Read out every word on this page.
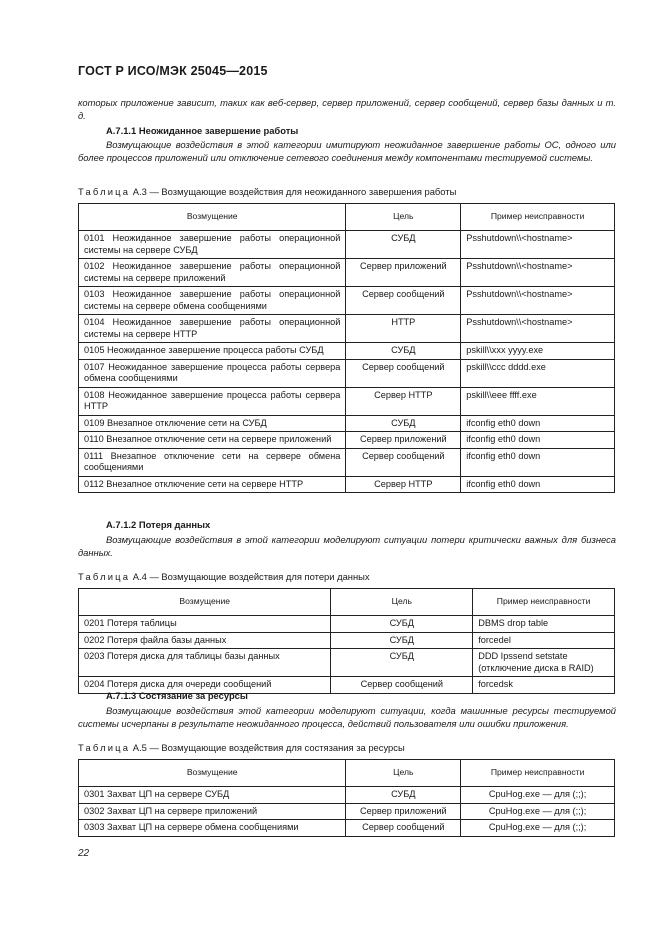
ГОСТ Р ИСО/МЭК 25045—2015
которых приложение зависит, таких как веб-сервер, сервер приложений, сервер сообщений, сервер базы данных и т. д.
А.7.1.1 Неожиданное завершение работы
Возмущающие воздействия в этой категории имитируют неожиданное завершение работы ОС, одного или более процессов приложений или отключение сетевого соединения между компонентами тестируемой системы.
Таблица А.3 — Возмущающие воздействия для неожиданного завершения работы
Возмущение	Цель	Пример неисправности
0101 Неожиданное завершение работы операционной системы на сервере СУБД	СУБД	Psshutdown\\<hostname>
0102 Неожиданное завершение работы операционной системы на сервере приложений	Сервер приложений	Psshutdown\\<hostname>
0103 Неожиданное завершение работы операционной системы на сервере обмена сообщениями	Сервер сообщений	Psshutdown\\<hostname>
0104 Неожиданное завершение работы операционной системы на сервере HTTP	HTTP	Psshutdown\\<hostname>
0105 Неожиданное завершение процесса работы СУБД	СУБД	pskill\\xxx yyyy.exe
0107 Неожиданное завершение процесса работы сервера обмена сообщениями	Сервер сообщений	pskill\\ccc dddd.exe
0108 Неожиданное завершение процесса работы сервера HTTP	Сервер HTTP	pskill\\eee ffff.exe
0109 Внезапное отключение сети на СУБД	СУБД	ifconfig eth0 down
0110 Внезапное отключение сети на сервере приложений	Сервер приложений	ifconfig eth0 down
0111 Внезапное отключение сети на сервере обмена сообщениями	Сервер сообщений	ifconfig eth0 down
0112 Внезапное отключение сети на сервере HTTP	Сервер HTTP	ifconfig eth0 down
А.7.1.2 Потеря данных
Возмущающие воздействия в этой категории моделируют ситуации потери критически важных для бизнеса данных.
Таблица А.4 — Возмущающие воздействия для потери данных
Возмущение	Цель	Пример неисправности
0201 Потеря таблицы	СУБД	DBMS drop table
0202 Потеря файла базы данных	СУБД	forcedel
0203 Потеря диска для таблицы базы данных	СУБД	DDD Ipssend setstate (отключение диска в RAID)
0204 Потеря диска для очереди сообщений	Сервер сообщений	forcedsk
А.7.1.3 Состязание за ресурсы
Возмущающие воздействия этой категории моделируют ситуации, когда машинные ресурсы тестируемой системы исчерпаны в результате неожиданного процесса, действий пользователя или ошибки приложения.
Таблица А.5 — Возмущающие воздействия для состязания за ресурсы
Возмущение	Цель	Пример неисправности
0301 Захват ЦП на сервере СУБД	СУБД	CpuHog.exe — для (;;);
0302 Захват ЦП на сервере приложений	Сервер приложений	CpuHog.exe — для (;;);
0303 Захват ЦП на сервере обмена сообщениями	Сервер сообщений	CpuHog.exe — для (;;);
22
